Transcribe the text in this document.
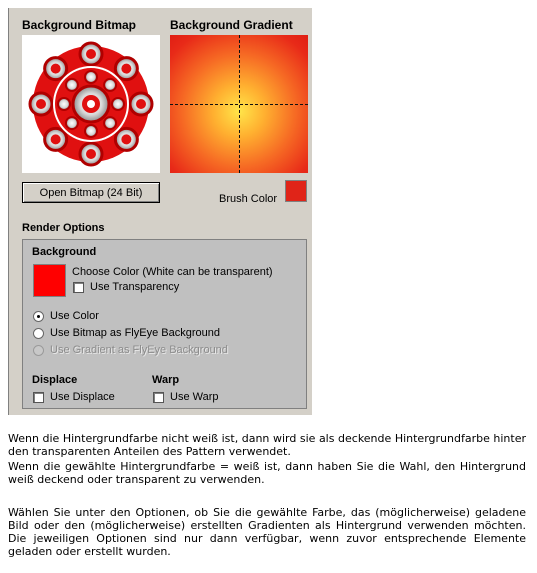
Background Bitmap	Background Gradient
Open Bitmap (24 Bit)	Brush Color
Render Options
Background
Choose Color (White can be transparent)
Use Transparency
Use Color
Use Bitmap as FlyEye Background
Use Gradient as FlyEye Background
Displace
Use Displace
Warp
Use Warp
Wenn die Hintergrundfarbe nicht weiß ist, dann wird sie als deckende Hintergrundfarbe hinter den transparenten Anteilen des Pattern verwendet.
Wenn die gewählte Hintergrundfarbe = weiß ist, dann haben Sie die Wahl, den Hintergrund weiß deckend oder transparent zu verwenden.
Wählen Sie unter den Optionen, ob Sie die gewählte Farbe, das (möglicherweise) geladene Bild oder den (möglicherweise) erstellten Gradienten als Hintergrund verwenden möchten. Die jeweiligen Optionen sind nur dann verfügbar, wenn zuvor entsprechende Elemente geladen oder erstellt wurden.
